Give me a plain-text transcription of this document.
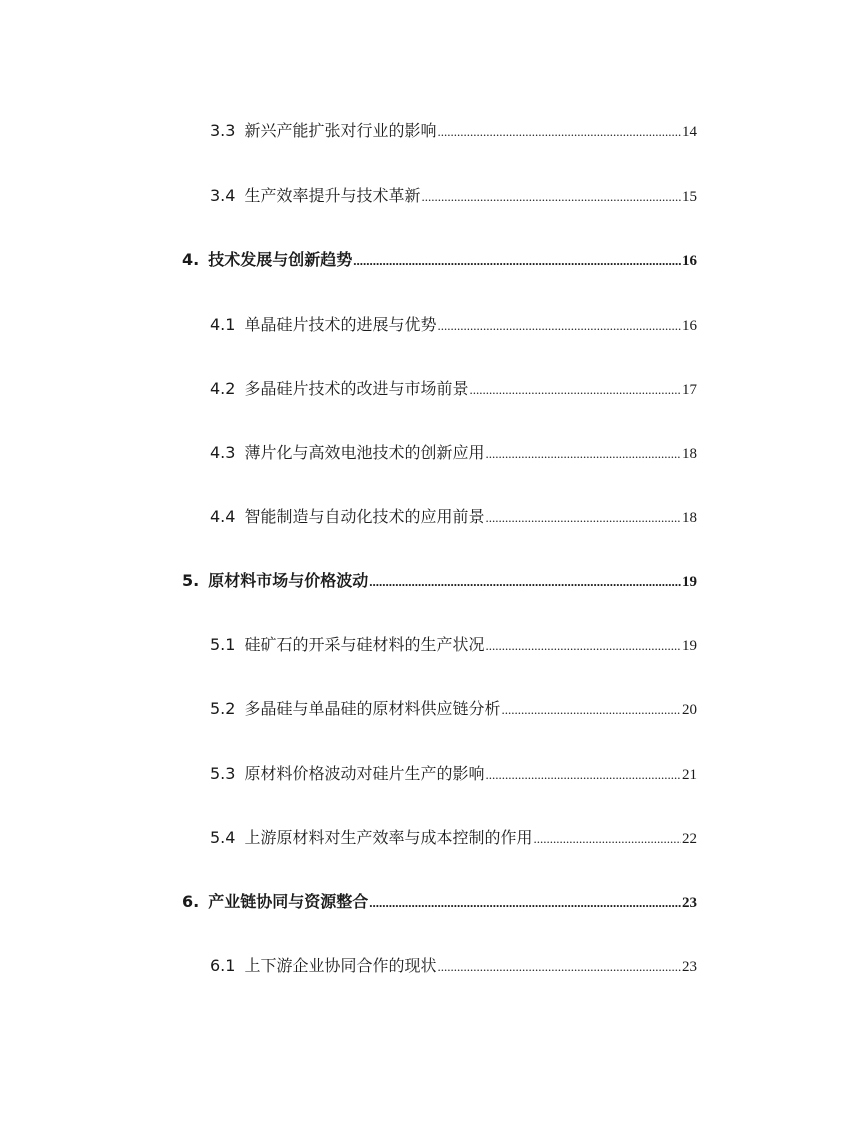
3.3 新兴产能扩张对行业的影响 .....	14
3.4 生产效率提升与技术革新 .....	15
4. 技术发展与创新趋势 .....	16
4.1 单晶硅片技术的进展与优势 .....	16
4.2 多晶硅片技术的改进与市场前景 .....	17
4.3 薄片化与高效电池技术的创新应用 .....	18
4.4 智能制造与自动化技术的应用前景 .....	18
5. 原材料市场与价格波动 .....	19
5.1 硅矿石的开采与硅材料的生产状况 .....	19
5.2 多晶硅与单晶硅的原材料供应链分析 .....	20
5.3 原材料价格波动对硅片生产的影响 .....	21
5.4 上游原材料对生产效率与成本控制的作用 .....	22
6. 产业链协同与资源整合 .....	23
6.1 上下游企业协同合作的现状 .....	23
